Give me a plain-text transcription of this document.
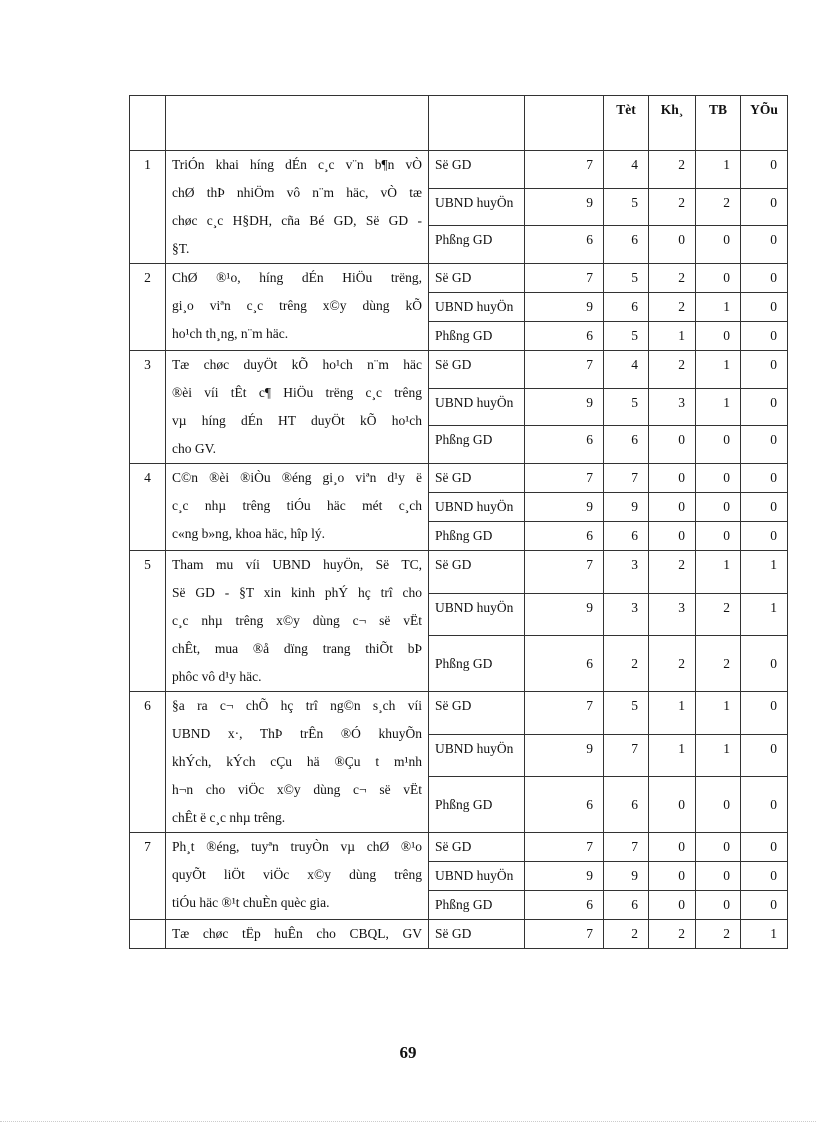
				Tèt	Kh¸	TB	YÕu
1	TriÓn khai híng dÉn c¸c v¨n b¶n vÒ
chØ thÞ nhiÖm vô n¨m häc, vÒ tæ
chøc c¸c H§DH, cña Bé GD, Së GD -
§T.	Së GD	7	4	2	1	0
		UBND huyÖn	9	5	2	2	0
		Phßng GD	6	6	0	0	0
2	ChØ ®¹o, híng dÉn HiÖu trëng,
gi¸o viªn c¸c trêng x©y dùng kÕ
ho¹ch th¸ng, n¨m häc.	Së GD	7	5	2	0	0
		UBND huyÖn	9	6	2	1	0
		Phßng GD	6	5	1	0	0
3	Tæ chøc duyÖt kÕ ho¹ch n¨m häc
®èi víi tÊt c¶ HiÖu trëng c¸c trêng
vµ híng dÉn HT duyÖt kÕ ho¹ch
cho GV.	Së GD	7	4	2	1	0
		UBND huyÖn	9	5	3	1	0
		Phßng GD	6	6	0	0	0
4	C©n ®èi ®iÒu ®éng gi¸o viªn d¹y ë
c¸c nhµ trêng tiÓu häc mét c¸ch
c«ng b»ng, khoa häc, hîp lý.	Së GD	7	7	0	0	0
		UBND huyÖn	9	9	0	0	0
		Phßng GD	6	6	0	0	0
5	Tham mu víi UBND huyÖn, Së TC,
Së GD - §T xin kinh phÝ hç trî cho
c¸c nhµ trêng x©y dùng c¬ së vËt
chÊt, mua ®å dïng trang thiÕt bÞ
phôc vô d¹y häc.	Së GD	7	3	2	1	1
		UBND huyÖn	9	3	3	2	1
		Phßng GD	6	2	2	2	0
6	§a ra c¬ chÕ hç trî ng©n s¸ch víi
UBND x·, ThÞ trÊn ®Ó khuyÕn
khÝch, kÝch cÇu hä ®Çu t m¹nh
h¬n cho viÖc x©y dùng c¬ së vËt
chÊt ë c¸c nhµ trêng.	Së GD	7	5	1	1	0
		UBND huyÖn	9	7	1	1	0
		Phßng GD	6	6	0	0	0
7	Ph¸t ®éng, tuyªn truyÒn vµ chØ ®¹o
quyÕt liÖt viÖc x©y dùng trêng
tiÓu häc ®¹t chuÈn quèc gia.	Së GD	7	7	0	0	0
		UBND huyÖn	9	9	0	0	0
		Phßng GD	6	6	0	0	0
	Tæ chøc tËp huÊn cho CBQL, GV	Së GD	7	2	2	2	1
69
